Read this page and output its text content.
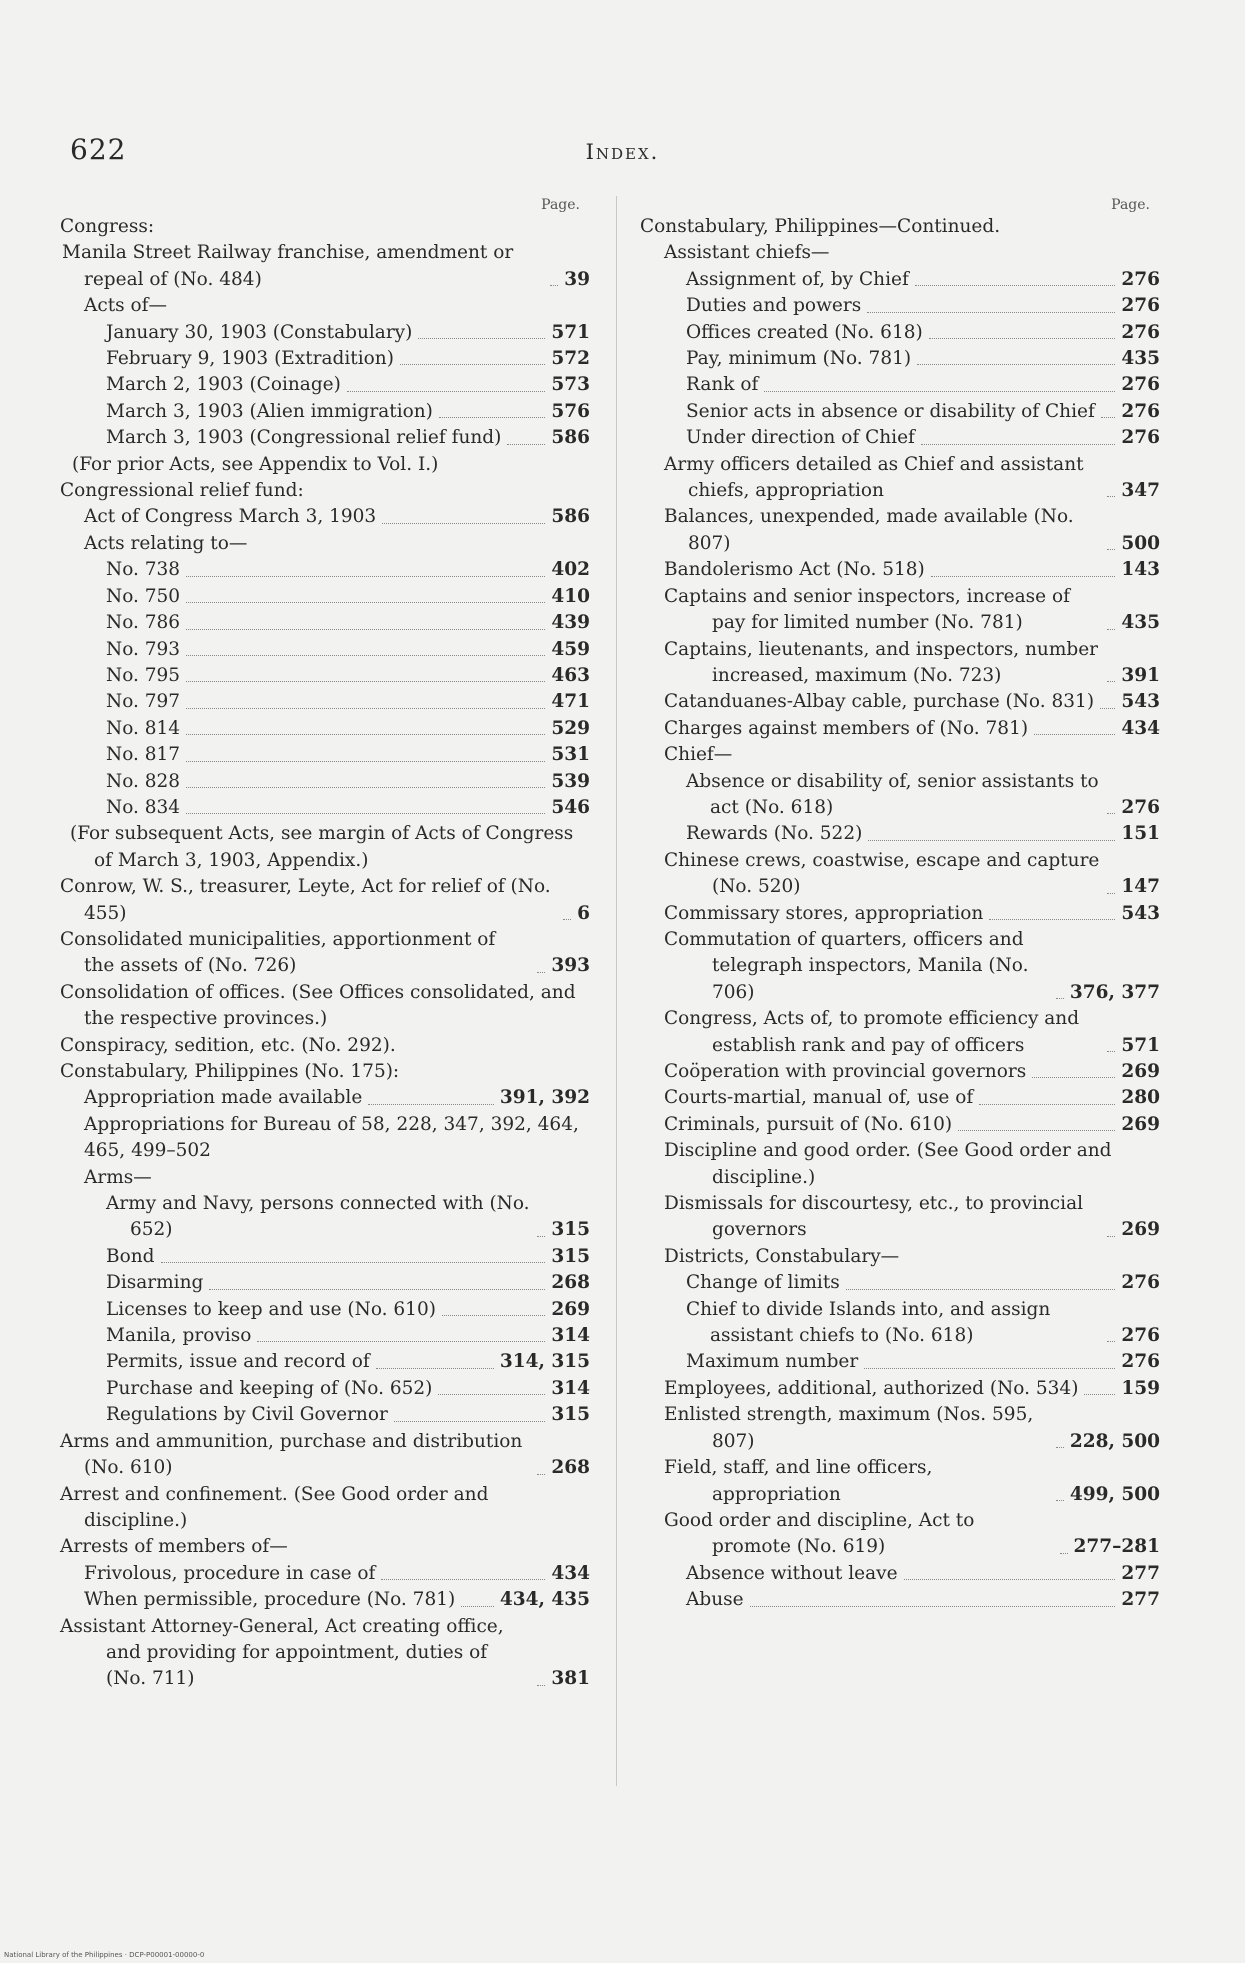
622	Index.
Page.
Congress:
Manila Street Railway franchise, amendment or repeal of (No. 484)	39
Acts of—
January 30, 1903 (Constabulary)	571
February 9, 1903 (Extradition)	572
March 2, 1903 (Coinage)	573
March 3, 1903 (Alien immigration)	576
March 3, 1903 (Congressional relief fund)	586
(For prior Acts, see Appendix to Vol. I.)
Congressional relief fund:
Act of Congress March 3, 1903	586
Acts relating to—
No. 738	402
No. 750	410
No. 786	439
No. 793	459
No. 795	463
No. 797	471
No. 814	529
No. 817	531
No. 828	539
No. 834	546
(For subsequent Acts, see margin of Acts of Congress of March 3, 1903, Appendix.)
Conrow, W. S., treasurer, Leyte, Act for relief of (No. 455)	6
Consolidated municipalities, apportionment of the assets of (No. 726)	393
Consolidation of offices. (See Offices consolidated, and the respective provinces.)
Conspiracy, sedition, etc. (No. 292).
Constabulary, Philippines (No. 175):
Appropriation made available	391, 392
Appropriations for Bureau of 58, 228, 347, 392, 464, 465, 499–502
Arms—
Army and Navy, persons connected with (No. 652)	315
Bond	315
Disarming	268
Licenses to keep and use (No. 610)	269
Manila, proviso	314
Permits, issue and record of	314, 315
Purchase and keeping of (No. 652)	314
Regulations by Civil Governor	315
Arms and ammunition, purchase and distribution (No. 610)	268
Arrest and confinement. (See Good order and discipline.)
Arrests of members of—
Frivolous, procedure in case of	434
When permissible, procedure (No. 781) 434, 435
Assistant Attorney-General, Act creating office, and providing for appointment, duties of (No. 711)	381
Page.
Constabulary, Philippines—Continued.
Assistant chiefs—
Assignment of, by Chief	276
Duties and powers	276
Offices created (No. 618)	276
Pay, minimum (No. 781)	435
Rank of	276
Senior acts in absence or disability of Chief 276
Under direction of Chief	276
Army officers detailed as Chief and assistant chiefs, appropriation	347
Balances, unexpended, made available (No. 807)	500
Bandolerismo Act (No. 518)	143
Captains and senior inspectors, increase of pay for limited number (No. 781)	435
Captains, lieutenants, and inspectors, number increased, maximum (No. 723)	391
Catanduanes-Albay cable, purchase (No. 831) 543
Charges against members of (No. 781)	434
Chief—
Absence or disability of, senior assistants to act (No. 618)	276
Rewards (No. 522)	151
Chinese crews, coastwise, escape and capture (No. 520)	147
Commissary stores, appropriation	543
Commutation of quarters, officers and telegraph inspectors, Manila (No. 706)	376, 377
Congress, Acts of, to promote efficiency and establish rank and pay of officers	571
Coöperation with provincial governors	269
Courts-martial, manual of, use of	280
Criminals, pursuit of (No. 610)	269
Discipline and good order. (See Good order and discipline.)
Dismissals for discourtesy, etc., to provincial governors	269
Districts, Constabulary—
Change of limits	276
Chief to divide Islands into, and assign assistant chiefs to (No. 618)	276
Maximum number	276
Employees, additional, authorized (No. 534) 159
Enlisted strength, maximum (Nos. 595, 807)	228, 500
Field, staff, and line officers, appropriation	499, 500
Good order and discipline, Act to promote (No. 619)	277–281
Absence without leave	277
Abuse	277
National Library of the Philippines · DCP-P00001-00000-0
